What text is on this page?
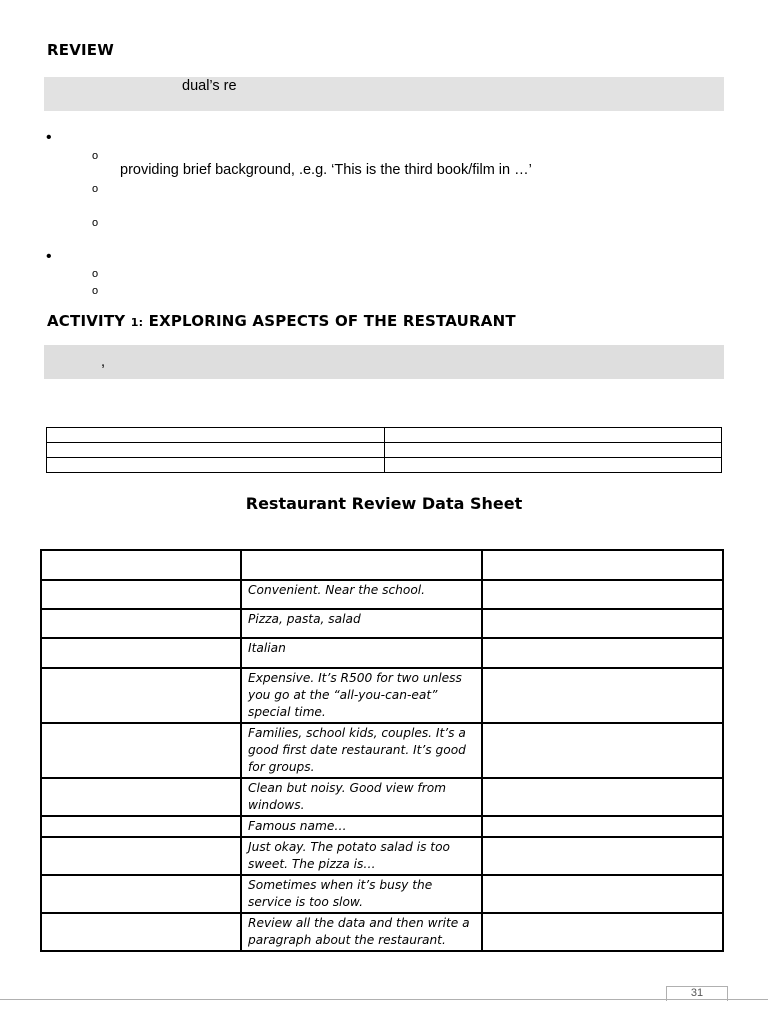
REVIEW
dual’s re
•
o
providing brief background, .e.g. ‘This is the third book/film in …’
o
o
•
o
o
ACTIVITY 1: EXPLORING ASPECTS OF THE RESTAURANT
,

Restaurant Review Data Sheet

	Convenient. Near the school.	
	Pizza, pasta, salad	
	Italian	
	Expensive. It’s R500 for two unless you go at the “all-you-can-eat” special time.	
	Families, school kids, couples. It’s a good first date restaurant. It’s good for groups.	
	Clean but noisy. Good view from windows.	
	Famous name…	
	Just okay. The potato salad is too sweet. The pizza is…	
	Sometimes when it’s busy the service is too slow.	
	Review all the data and then write a paragraph about the restaurant.	
31
